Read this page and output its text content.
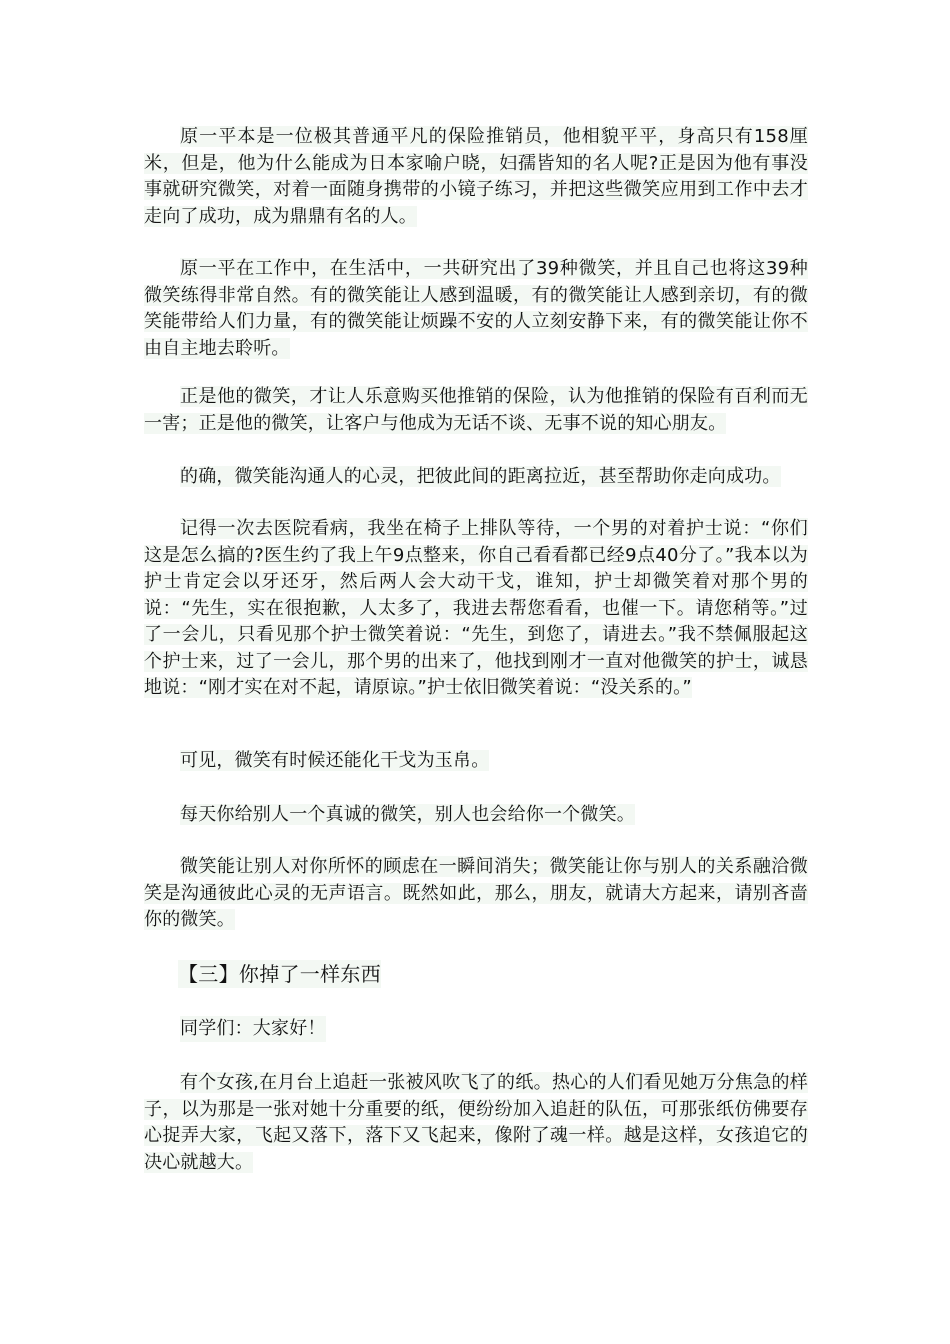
原一平本是一位极其普通平凡的保险推销员，他相貌平平，身高只有158厘米，但是，他为什么能成为日本家喻户晓，妇孺皆知的名人呢?正是因为他有事没事就研究微笑，对着一面随身携带的小镜子练习，并把这些微笑应用到工作中去才走向了成功，成为鼎鼎有名的人。

原一平在工作中，在生活中，一共研究出了39种微笑，并且自己也将这39种微笑练得非常自然。有的微笑能让人感到温暖，有的微笑能让人感到亲切，有的微笑能带给人们力量，有的微笑能让烦躁不安的人立刻安静下来，有的微笑能让你不由自主地去聆听。

正是他的微笑，才让人乐意购买他推销的保险，认为他推销的保险有百利而无一害；正是他的微笑，让客户与他成为无话不谈、无事不说的知心朋友。

的确，微笑能沟通人的心灵，把彼此间的距离拉近，甚至帮助你走向成功。

记得一次去医院看病，我坐在椅子上排队等待，一个男的对着护士说：“你们这是怎么搞的?医生约了我上午9点整来，你自己看看都已经9点40分了。”我本以为护士肯定会以牙还牙，然后两人会大动干戈，谁知，护士却微笑着对那个男的说：“先生，实在很抱歉，人太多了，我进去帮您看看，也催一下。请您稍等。”过了一会儿，只看见那个护士微笑着说：“先生，到您了，请进去。”我不禁佩服起这个护士来，过了一会儿，那个男的出来了，他找到刚才一直对他微笑的护士，诚恳地说：“刚才实在对不起，请原谅。”护士依旧微笑着说：“没关系的。”

可见，微笑有时候还能化干戈为玉帛。

每天你给别人一个真诚的微笑，别人也会给你一个微笑。

微笑能让别人对你所怀的顾虑在一瞬间消失；微笑能让你与别人的关系融洽微笑是沟通彼此心灵的无声语言。既然如此，那么，朋友，就请大方起来，请别吝啬你的微笑。

【三】你掉了一样东西

同学们：大家好！

有个女孩,在月台上追赶一张被风吹飞了的纸。热心的人们看见她万分焦急的样子，以为那是一张对她十分重要的纸，便纷纷加入追赶的队伍，可那张纸仿佛要存心捉弄大家，飞起又落下，落下又飞起来，像附了魂一样。越是这样，女孩追它的决心就越大。
